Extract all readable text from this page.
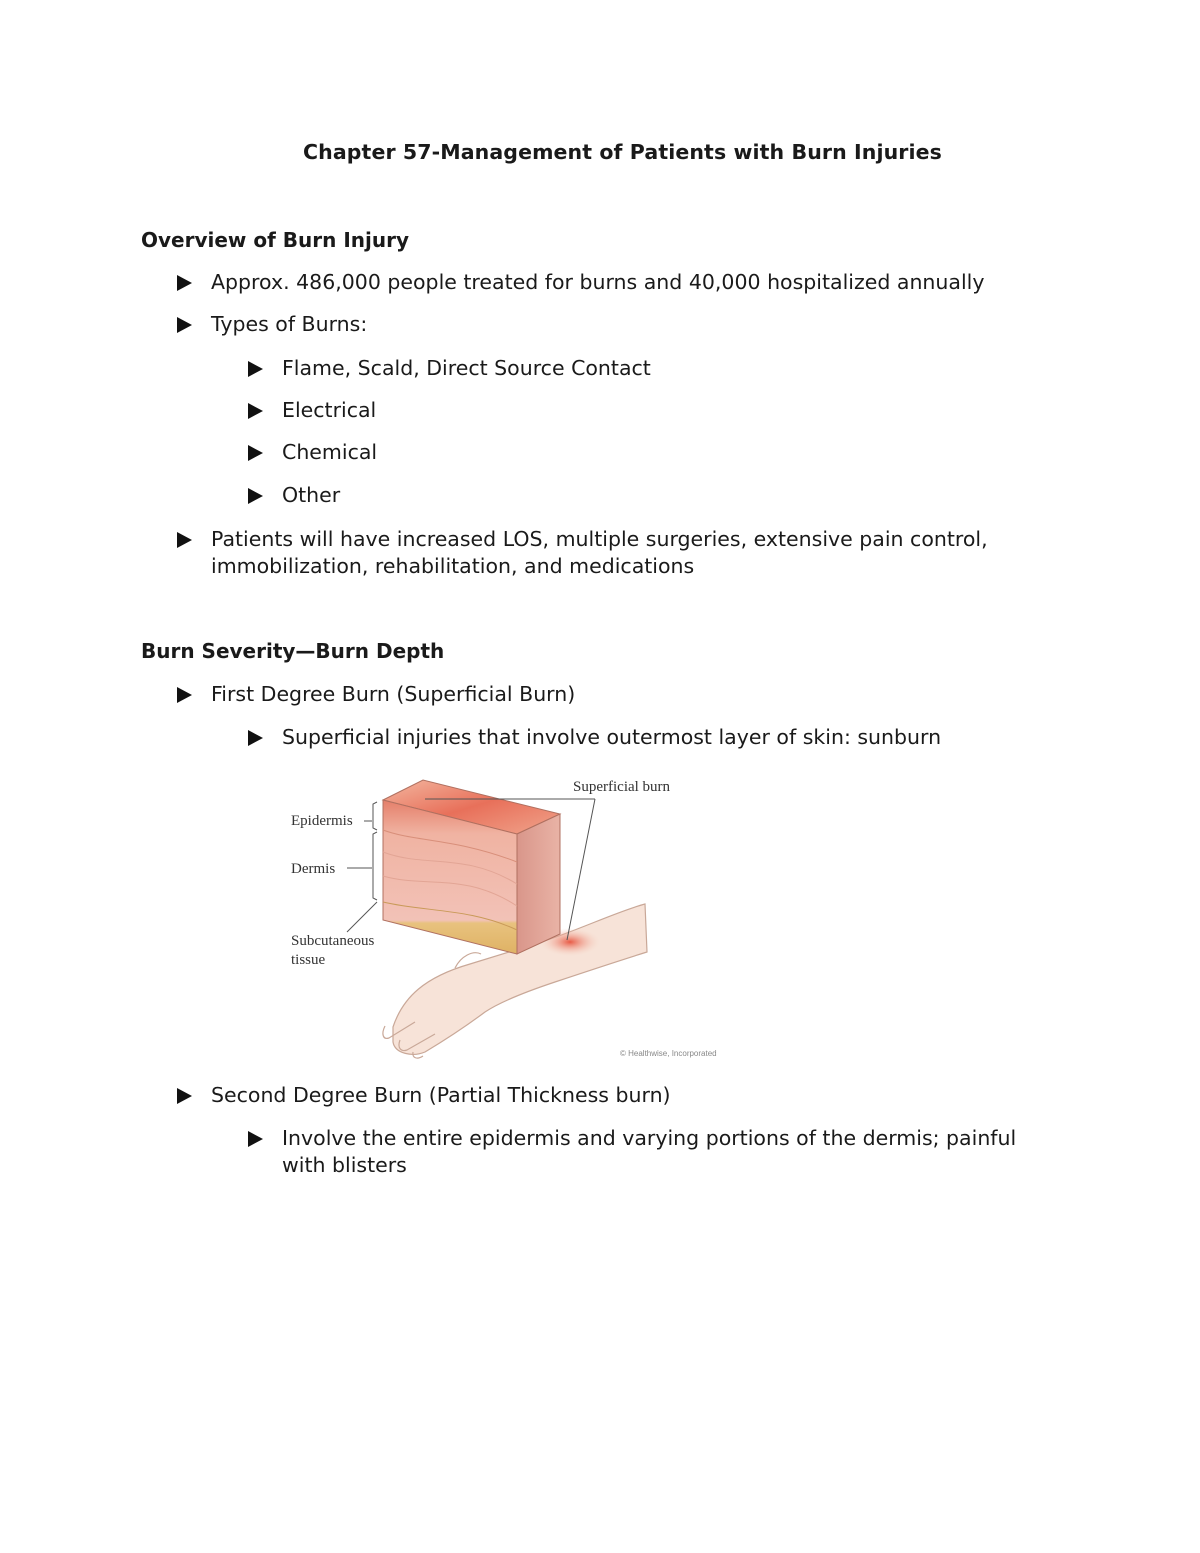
Chapter 57-Management of Patients with Burn Injuries
Overview of Burn Injury
Approx. 486,000 people treated for burns and 40,000 hospitalized annually
Types of Burns:
Flame, Scald, Direct Source Contact
Electrical
Chemical
Other
Patients will have increased LOS, multiple surgeries, extensive pain control,
immobilization, rehabilitation, and medications
Burn Severity—Burn Depth
First Degree Burn (Superficial Burn)
Superficial injuries that involve outermost layer of skin: sunburn
Superficial burn
Epidermis
Dermis
Subcutaneous
tissue
© Healthwise, Incorporated
Second Degree Burn (Partial Thickness burn)
Involve the entire epidermis and varying portions of the dermis; painful
with blisters
